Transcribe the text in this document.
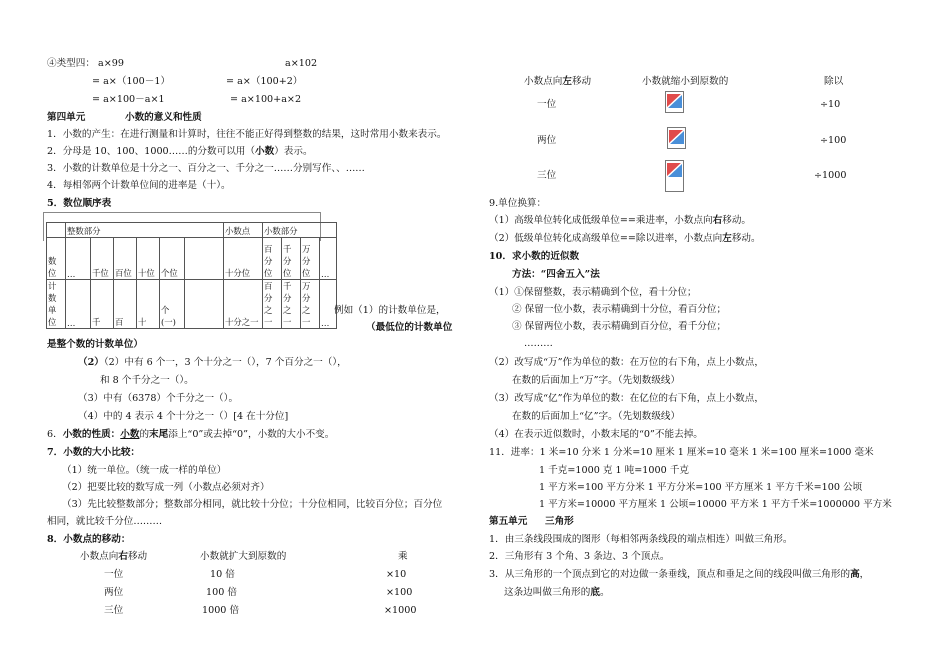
④类型四： a×99	a×102
= a×（100－1）	= a×（100+2）
= a×100－a×1	= a×100+a×2
第四单元	小数的意义和性质
1．小数的产生：在进行测量和计算时，往往不能正好得到整数的结果，这时常用小数来表示。
2．分母是 10、100、1000……的分数可以用（小数）表示。
3．小数的计数单位是十分之一、百分之一、千分之一……分别写作、、……
4．每相邻两个计数单位间的进率是（十）。
5．数位顺序表
	整数部分						小数点	小数部分			
数位	…	千位	百位	十位	个位		十分位	百分位	千分位	万分位	…
计数单位	…	千	百	十	个(一)		十分之一	百分之一	千分之一	万分之一	…
例如（1）的计数单位是，
（最低位的计数单位
是整个数的计数单位）
（2）（2）中有 6 个一，3 个十分之一（），7 个百分之一（），
和 8 个千分之一（）。
（3）中有（6378）个千分之一（）。
（4）中的 4 表示 4 个十分之一（）[4 在十分位]
6．小数的性质：小数的末尾添上“0”或去掉“0”，小数的大小不变。
7．小数的大小比较：
（1）统一单位。（统一成一样的单位）
（2）把要比较的数写成一列（小数点必须对齐）
（3）先比较整数部分；整数部分相同，就比较十分位；十分位相同，比较百分位；百分位
相同，就比较千分位………
8．小数点的移动：
小数点向右移动	小数就扩大到原数的	乘
一位	10 倍	×10
两位	100 倍	×100
三位	1000 倍	×1000
小数点向左移动	小数就缩小到原数的	除以
一位	÷10
两位	÷100
三位	÷1000
9.单位换算：
（1）高级单位转化成低级单位==乘进率，小数点向右移动。
（2）低级单位转化成高级单位==除以进率，小数点向左移动。
10．求小数的近似数
方法：“四舍五入”法
（1）①保留整数，表示精确到个位，看十分位；
② 保留一位小数，表示精确到十分位，看百分位；
③ 保留两位小数，表示精确到百分位，看千分位；
………
（2）改写成“万”作为单位的数：在万位的右下角，点上小数点，
在数的后面加上“万”字。（先划数级线）
（3）改写成“亿”作为单位的数：在亿位的右下角，点上小数点，
在数的后面加上“亿”字。（先划数级线）
（4）在表示近似数时，小数末尾的“0”不能去掉。
11．进率：1 米=10 分米 1 分米=10 厘米 1 厘米=10 毫米 1 米=100 厘米=1000 毫米
1 千克=1000 克 1 吨=1000 千克
1 平方米=100 平方分米 1 平方分米=100 平方厘米 1 平方千米=100 公顷
1 平方米=10000 平方厘米 1 公顷=10000 平方米 1 平方千米=1000000 平方米
第五单元 三角形
1．由三条线段围成的图形（每相邻两条线段的端点相连）叫做三角形。
2．三角形有 3 个角、3 条边、3 个顶点。
3．从三角形的一个顶点到它的对边做一条垂线，顶点和垂足之间的线段叫做三角形的高，
这条边叫做三角形的底。
